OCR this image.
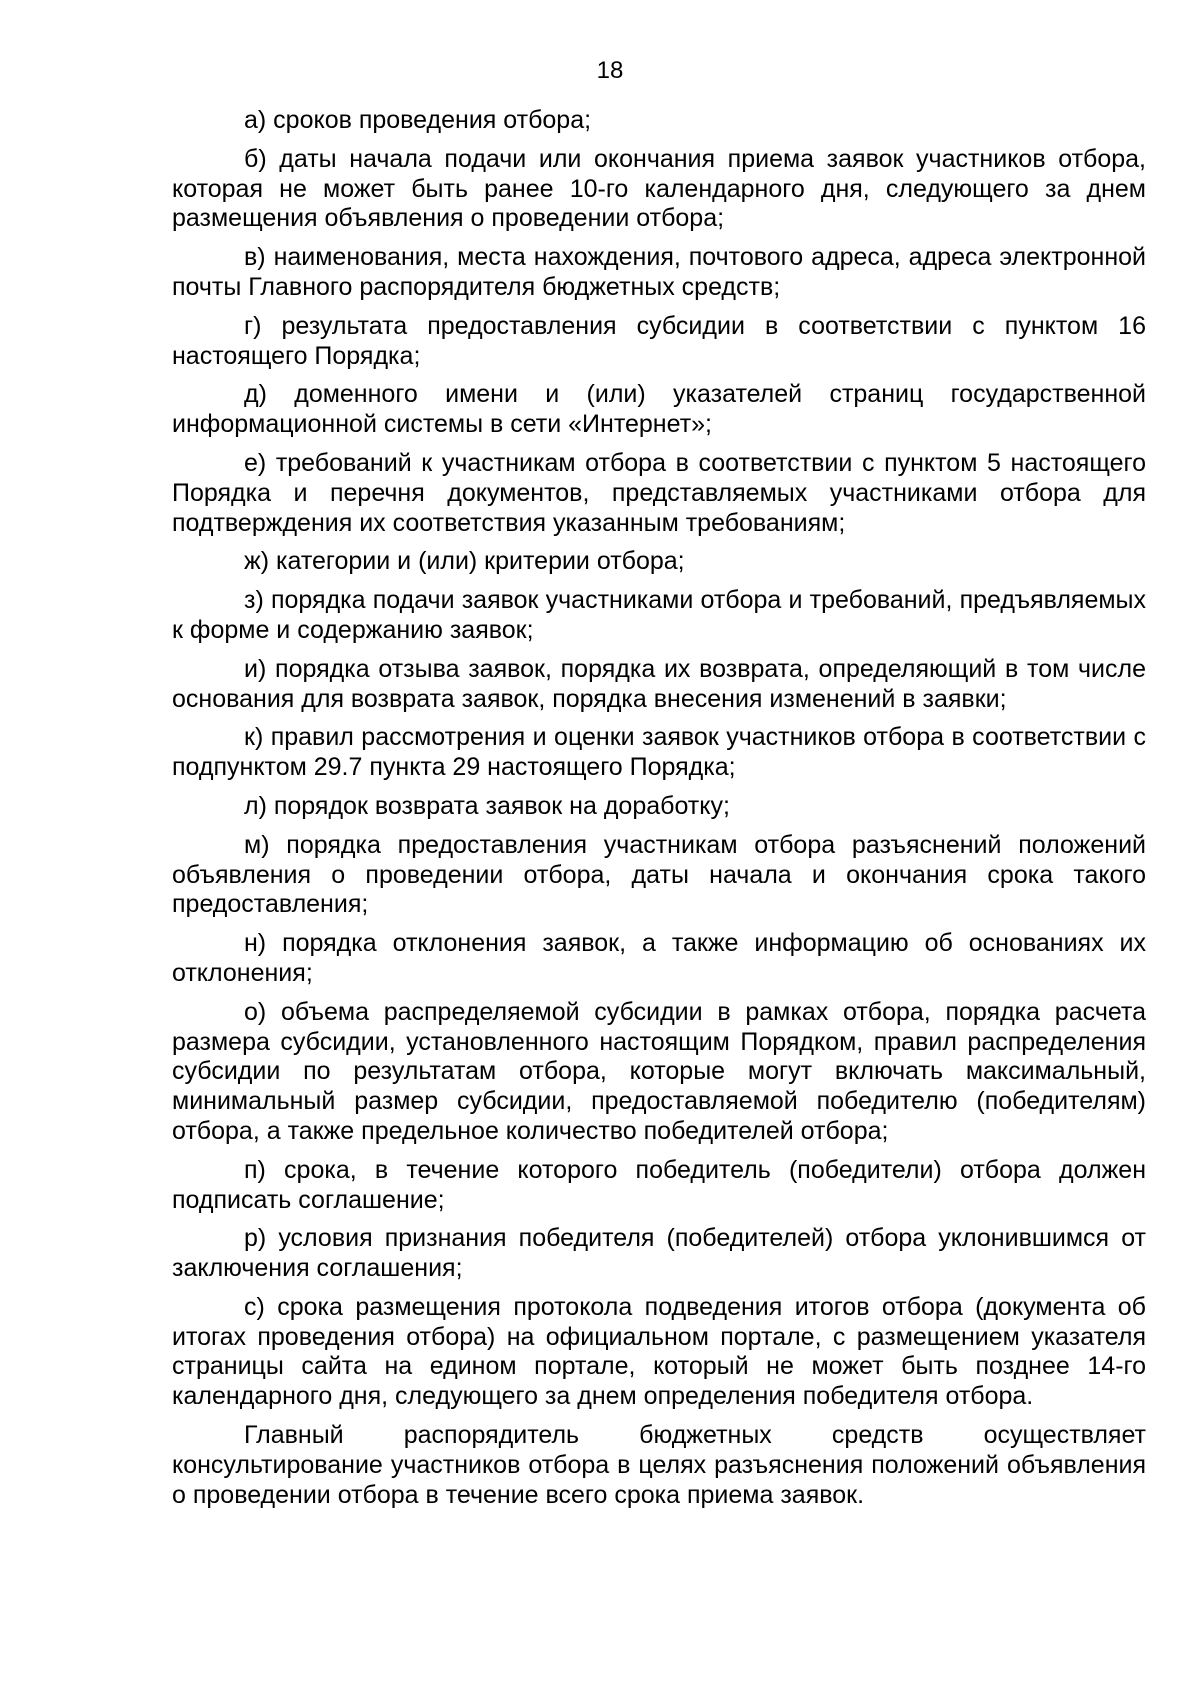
18

а) сроков проведения отбора;

б) даты начала подачи или окончания приема заявок участников отбора, которая не может быть ранее 10-го календарного дня, следующего за днем размещения объявления о проведении отбора;

в) наименования, места нахождения, почтового адреса, адреса электронной почты Главного распорядителя бюджетных средств;

г) результата предоставления субсидии в соответствии с пунктом 16 настоящего Порядка;

д) доменного имени и (или) указателей страниц государственной информационной системы в сети «Интернет»;

е) требований к участникам отбора в соответствии с пунктом 5 настоящего Порядка и перечня документов, представляемых участниками отбора для подтверждения их соответствия указанным требованиям;

ж) категории и (или) критерии отбора;

з) порядка подачи заявок участниками отбора и требований, предъявляемых к форме и содержанию заявок;

и) порядка отзыва заявок, порядка их возврата, определяющий в том числе основания для возврата заявок, порядка внесения изменений в заявки;

к) правил рассмотрения и оценки заявок участников отбора в соответствии с подпунктом 29.7 пункта 29 настоящего Порядка;

л) порядок возврата заявок на доработку;

м) порядка предоставления участникам отбора разъяснений положений объявления о проведении отбора, даты начала и окончания срока такого предоставления;

н) порядка отклонения заявок, а также информацию об основаниях их отклонения;

о) объема распределяемой субсидии в рамках отбора, порядка расчета размера субсидии, установленного настоящим Порядком, правил распределения субсидии по результатам отбора, которые могут включать максимальный, минимальный размер субсидии, предоставляемой победителю (победителям) отбора, а также предельное количество победителей отбора;

п) срока, в течение которого победитель (победители) отбора должен подписать соглашение;

р) условия признания победителя (победителей) отбора уклонившимся от заключения соглашения;

с) срока размещения протокола подведения итогов отбора (документа об итогах проведения отбора) на официальном портале, с размещением указателя страницы сайта на едином портале, который не может быть позднее 14-го календарного дня, следующего за днем определения победителя отбора.

Главный распорядитель бюджетных средств осуществляет консультирование участников отбора в целях разъяснения положений объявления о проведении отбора в течение всего срока приема заявок.
